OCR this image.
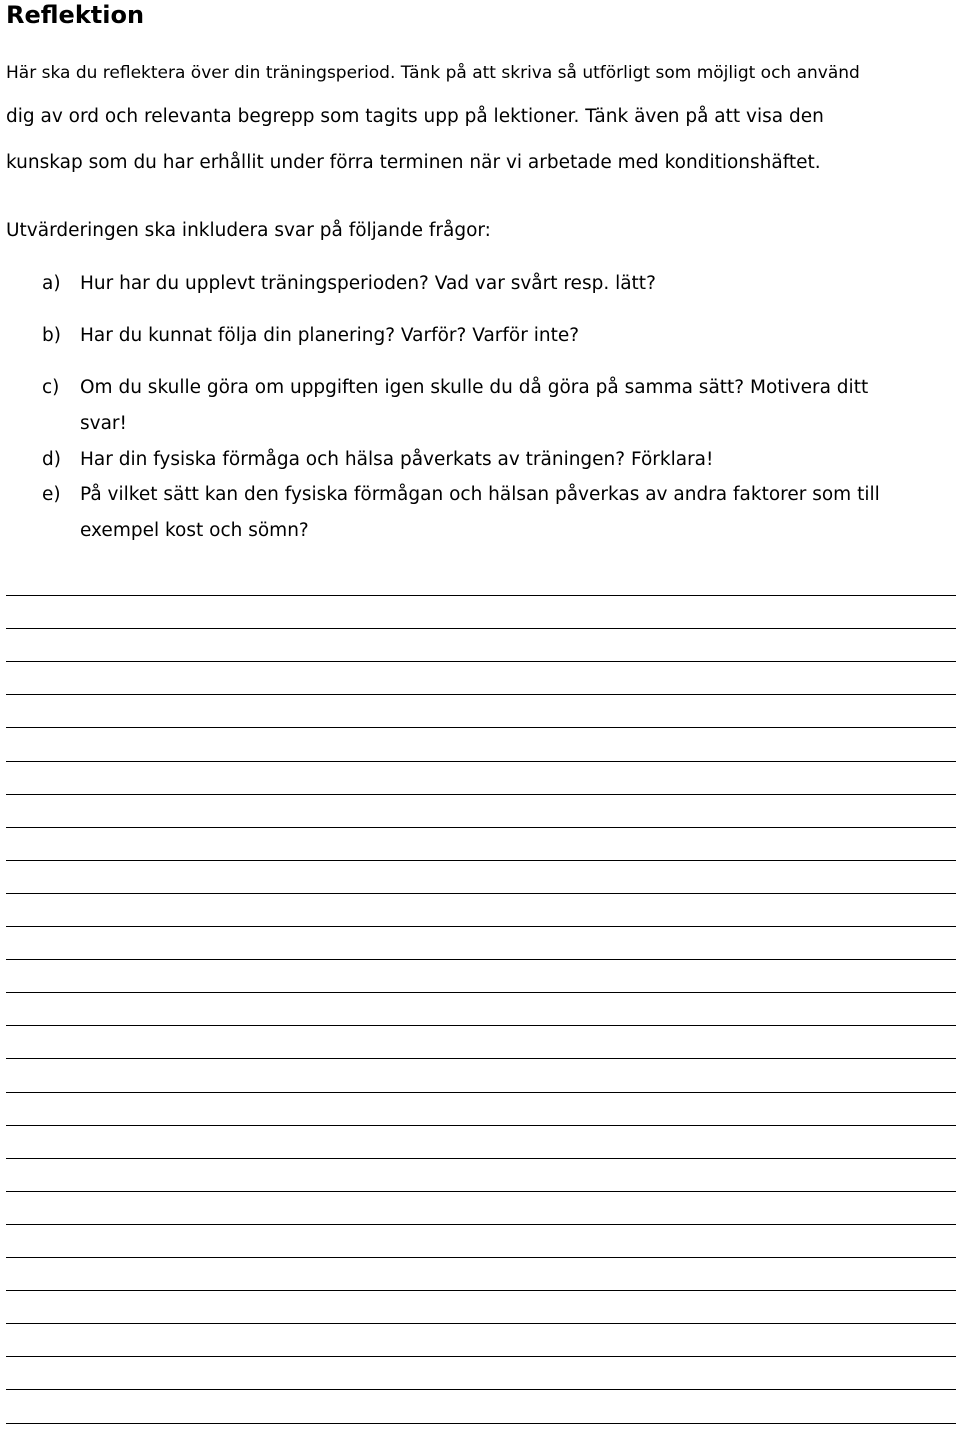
Reflektion
Här ska du reflektera över din träningsperiod. Tänk på att skriva så utförligt som möjligt och använd
dig av ord och relevanta begrepp som tagits upp på lektioner. Tänk även på att visa den
kunskap som du har erhållit under förra terminen när vi arbetade med konditionshäftet.
Utvärderingen ska inkludera svar på följande frågor:
a) Hur har du upplevt träningsperioden? Vad var svårt resp. lätt?
b) Har du kunnat följa din planering? Varför? Varför inte?
c) Om du skulle göra om uppgiften igen skulle du då göra på samma sätt? Motivera ditt
svar!
d) Har din fysiska förmåga och hälsa påverkats av träningen? Förklara!
e) På vilket sätt kan den fysiska förmågan och hälsan påverkas av andra faktorer som till
exempel kost och sömn?
